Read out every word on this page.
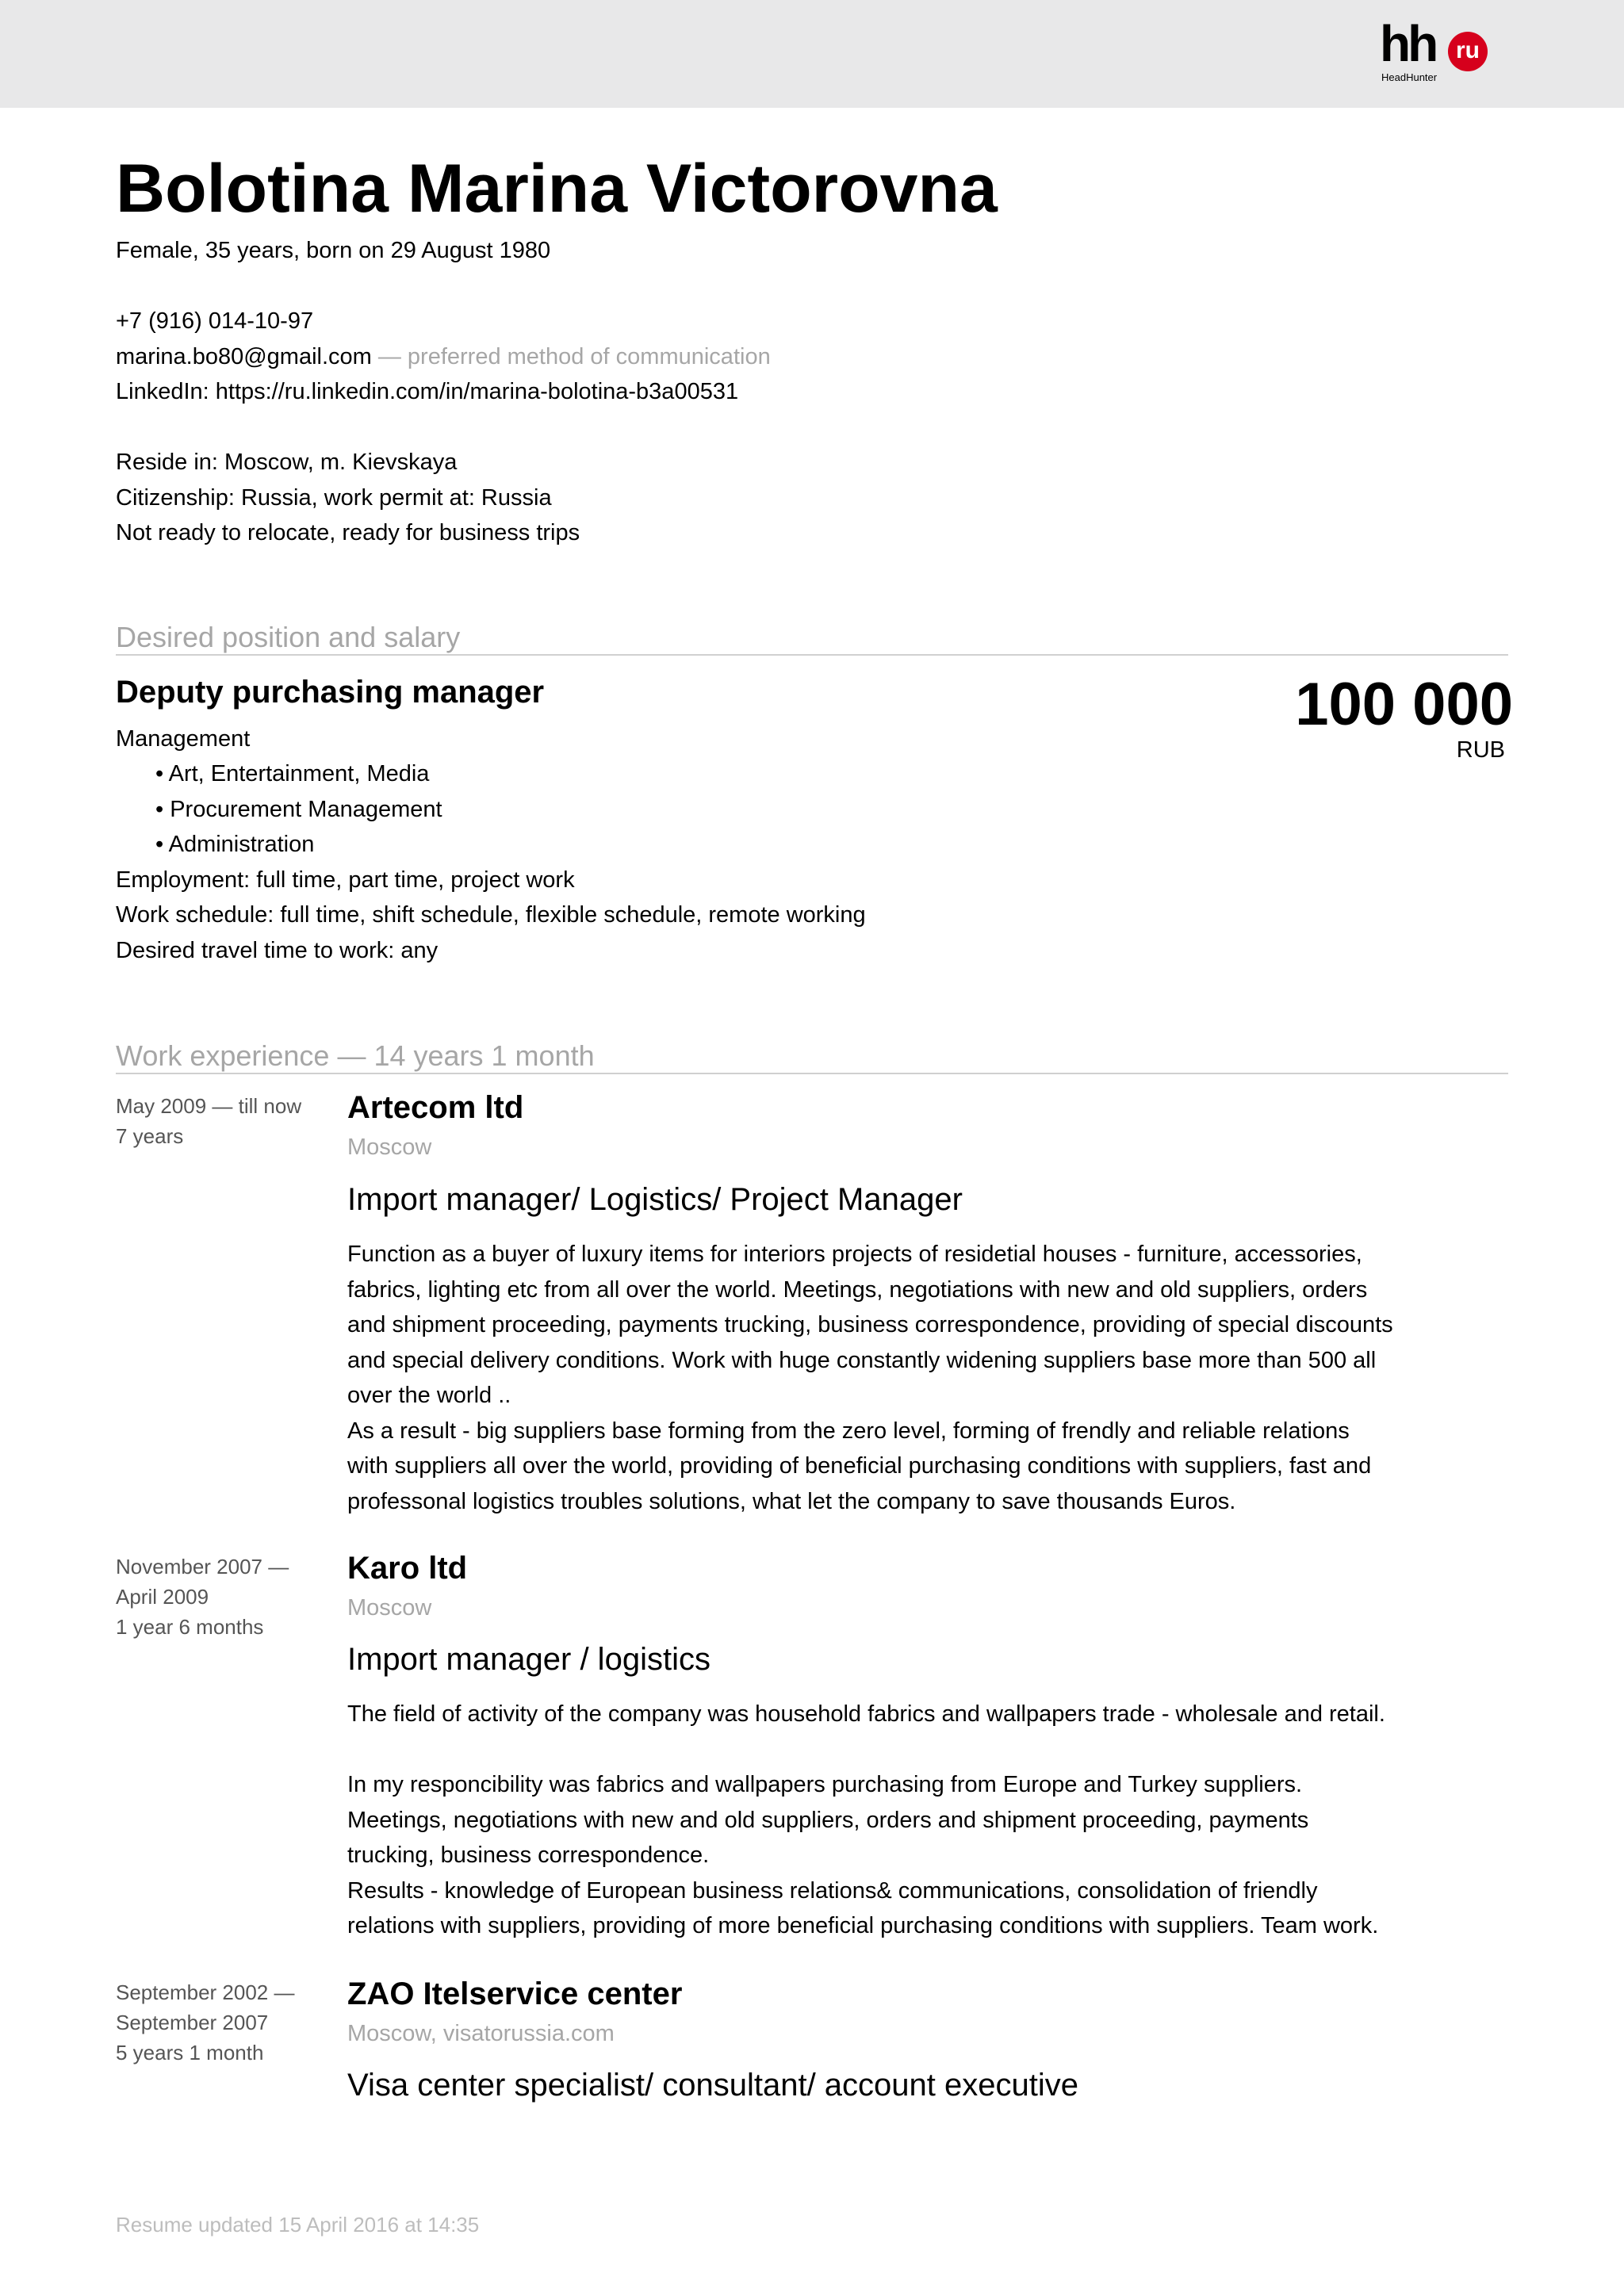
hh ru
HeadHunter
Bolotina Marina Victorovna
Female, 35 years, born on 29 August 1980
+7 (916) 014-10-97
marina.bo80@gmail.com — preferred method of communication
LinkedIn: https://ru.linkedin.com/in/marina-bolotina-b3a00531
Reside in: Moscow, m. Kievskaya
Citizenship: Russia, work permit at: Russia
Not ready to relocate, ready for business trips
Desired position and salary
Deputy purchasing manager	100 000
RUB
Management
• Art, Entertainment, Media
• Procurement Management
• Administration
Employment: full time, part time, project work
Work schedule: full time, shift schedule, flexible schedule, remote working
Desired travel time to work: any
Work experience — 14 years 1 month
May 2009 — till now
7 years
Artecom ltd
Moscow
Import manager/ Logistics/ Project Manager
Function as a buyer of luxury items for interiors projects of residetial houses - furniture, accessories,
fabrics, lighting etc from all over the world. Meetings, negotiations with new and old suppliers, orders
and shipment proceeding, payments trucking, business correspondence, providing of special discounts
and special delivery conditions. Work with huge constantly widening suppliers base more than 500 all
over the world ..
As a result - big suppliers base forming from the zero level, forming of frendly and reliable relations
with suppliers all over the world, providing of beneficial purchasing conditions with suppliers, fast and
professonal logistics troubles solutions, what let the company to save thousands Euros.
November 2007 —
April 2009
1 year 6 months
Karo ltd
Moscow
Import manager / logistics
The field of activity of the company was household fabrics and wallpapers trade - wholesale and retail.
In my responcibility was fabrics and wallpapers purchasing from Europe and Turkey suppliers.
Meetings, negotiations with new and old suppliers, orders and shipment proceeding, payments
trucking, business correspondence.
Results - knowledge of European business relations& communications, consolidation of friendly
relations with suppliers, providing of more beneficial purchasing conditions with suppliers. Team work.
September 2002 —
September 2007
5 years 1 month
ZAO Itelservice center
Moscow, visatorussia.com
Visa center specialist/ consultant/ account executive
Resume updated 15 April 2016 at 14:35
